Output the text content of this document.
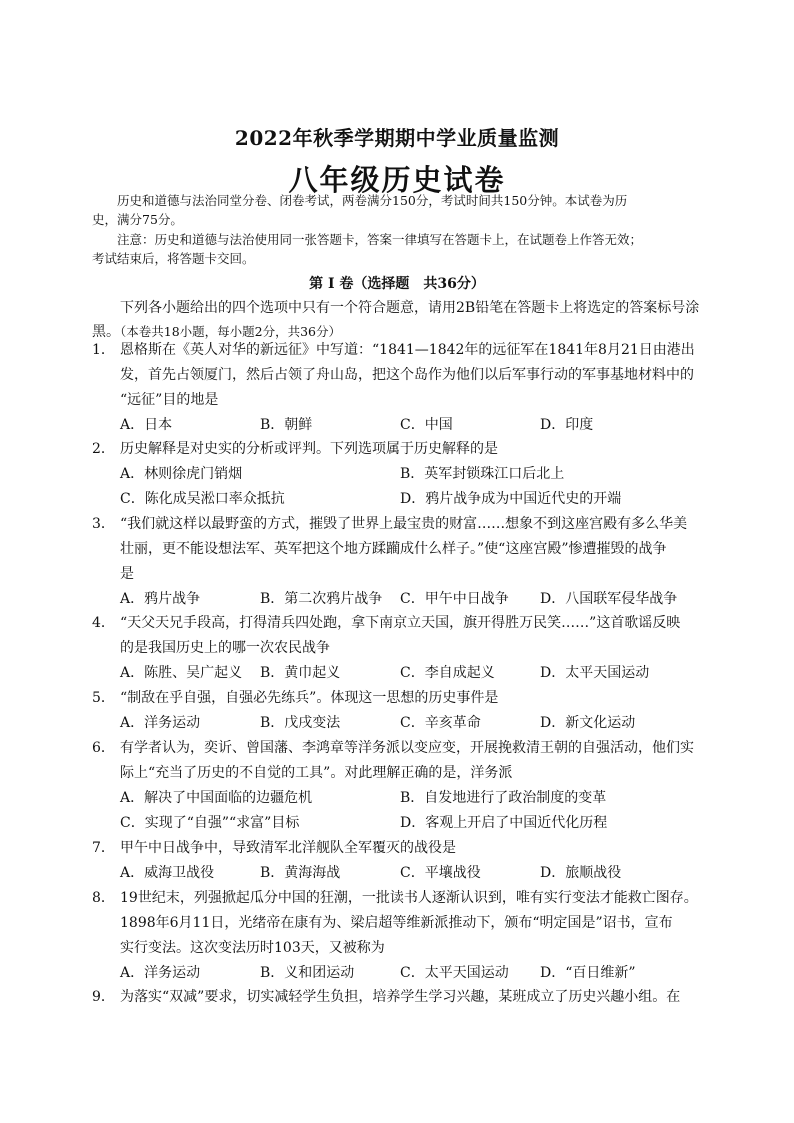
2022年秋季学期期中学业质量监测
八年级历史试卷
历史和道德与法治同堂分卷、闭卷考试，两卷满分150分，考试时间共150分钟。本试卷为历
史，满分75分。
注意：历史和道德与法治使用同一张答题卡，答案一律填写在答题卡上，在试题卷上作答无效；
考试结束后，将答题卡交回。
第 I 卷（选择题　共36分）
下列各小题给出的四个选项中只有一个符合题意，请用2B铅笔在答题卡上将选定的答案标号涂
黑。（本卷共18小题，每小题2分，共36分）
1． 恩格斯在《英人对华的新远征》中写道：“1841—1842年的远征军在1841年8月21日由港出
发，首先占领厦门，然后占领了舟山岛，把这个岛作为他们以后军事行动的军事基地材料中的
“远征”目的地是
A．日本	B．朝鲜	C．中国	D．印度
2． 历史解释是对史实的分析或评判。下列选项属于历史解释的是
A．林则徐虎门销烟	B．英军封锁珠江口后北上
C．陈化成吴淞口率众抵抗	D．鸦片战争成为中国近代史的开端
3． “我们就这样以最野蛮的方式，摧毁了世界上最宝贵的财富……想象不到这座宫殿有多么华美
壮丽，更不能设想法军、英军把这个地方蹂躏成什么样子。”使“这座宫殿”惨遭摧毁的战争
是
A．鸦片战争	B．第二次鸦片战争 C．甲午中日战争 D．八国联军侵华战争
4． “天父天兄手段高，打得清兵四处跑，拿下南京立天国，旗开得胜万民笑……”这首歌谣反映
的是我国历史上的哪一次农民战争
A．陈胜、吴广起义 B．黄巾起义	C．李自成起义	D．太平天国运动
5． “制敌在乎自强，自强必先练兵”。体现这一思想的历史事件是
A．洋务运动	B．戊戌变法	C．辛亥革命	D．新文化运动
6． 有学者认为，奕䜣、曾国藩、李鸿章等洋务派以变应变，开展挽救清王朝的自强活动，他们实
际上“充当了历史的不自觉的工具”。对此理解正确的是，洋务派
A．解决了中国面临的边疆危机	B．自发地进行了政治制度的变革
C．实现了“自强”“求富”目标	D．客观上开启了中国近代化历程
7． 甲午中日战争中，导致清军北洋舰队全军覆灭的战役是
A．威海卫战役	B．黄海海战	C．平壤战役	D．旅顺战役
8． 19世纪末，列强掀起瓜分中国的狂潮，一批读书人逐渐认识到，唯有实行变法才能救亡图存。
1898年6月11日，光绪帝在康有为、梁启超等维新派推动下，颁布“明定国是”诏书，宣布
实行变法。这次变法历时103天，又被称为
A．洋务运动	B．义和团运动	C．太平天国运动 D．“百日维新”
9． 为落实“双减”要求，切实减轻学生负担，培养学生学习兴趣，某班成立了历史兴趣小组。在
